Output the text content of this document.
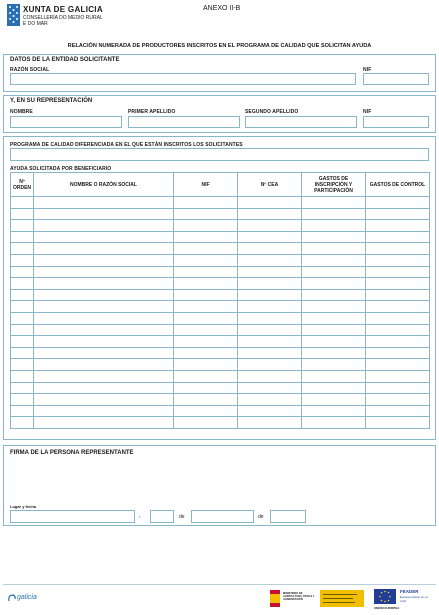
XUNTA DE GALICIA
CONSELLERÍA DO MEDIO RURAL
E DO MAR
ANEXO II-B
RELACIÓN NUMERADA DE PRODUCTORES INSCRITOS EN EL PROGRAMA DE CALIDAD QUE SOLICITAN AYUDA
DATOS DE LA ENTIDAD SOLICITANTE
RAZÓN SOCIAL	NIF
Y, EN SU REPRESENTACIÓN
NOMBRE	PRIMER APELLIDO	SEGUNDO APELLIDO	NIF
PROGRAMA DE CALIDAD DIFERENCIADA EN EL QUE ESTÁN INSCRITOS LOS SOLICITANTES
AYUDA SOLICITADA POR BENEFICIARIO
Nº ORDEN	NOMBRE O RAZÓN SOCIAL	NIF	Nº CEA	GASTOS DE INSCRIPCIÓN Y PARTICIPACIÓN	GASTOS DE CONTROL

FIRMA DE LA PERSONA REPRESENTANTE
Lugar y fecha
,	de	de
galicia
MINISTERIO DE AGRICULTURA, PESCA Y ALIMENTACIÓN
FEADER
Europa invierte en el rural
UNIÓN EUROPEA
